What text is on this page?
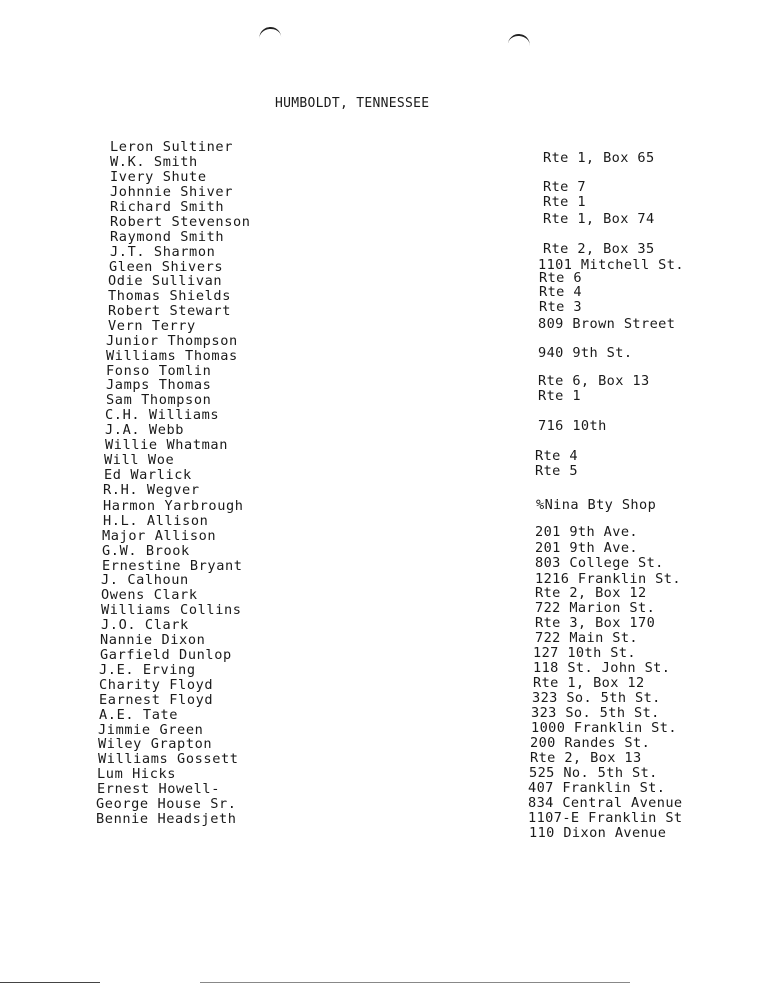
HUMBOLDT, TENNESSEE
Leron Sultiner
W.K. Smith
Ivery Shute
Johnnie Shiver
Richard Smith
Robert Stevenson
Raymond Smith
J.T. Sharmon
Gleen Shivers
Odie Sullivan
Thomas Shields
Robert Stewart
Vern Terry
Junior Thompson
Williams Thomas
Fonso Tomlin
Jamps Thomas
Sam Thompson
C.H. Williams
J.A. Webb
Willie Whatman
Will Woe
Ed Warlick
R.H. Wegver
Harmon Yarbrough
H.L. Allison
Major Allison
G.W. Brook
Ernestine Bryant
J. Calhoun
Owens Clark
Williams Collins
J.O. Clark
Nannie Dixon
Garfield Dunlop
J.E. Erving
Charity Floyd
Earnest Floyd
A.E. Tate
Jimmie Green
Wiley Grapton
Williams Gossett
Lum Hicks
Ernest Howell-
George House Sr.
Bennie Headsjeth
Rte 1, Box 65
Rte 7
Rte 1
Rte 1, Box 74
Rte 2, Box 35
1101 Mitchell St.
Rte 6
Rte 4
Rte 3
809 Brown Street
940 9th St.
Rte 6, Box 13
Rte 1
716 10th
Rte 4
Rte 5
%Nina Bty Shop
201 9th Ave.
201 9th Ave.
803 College St.
1216 Franklin St.
Rte 2, Box 12
722 Marion St.
Rte 3, Box 170
722 Main St.
127 10th St.
118 St. John St.
Rte 1, Box 12
323 So. 5th St.
323 So. 5th St.
1000 Franklin St.
200 Randes St.
Rte 2, Box 13
525 No. 5th St.
407 Franklin St.
834 Central Avenue
1107-E Franklin St
110 Dixon Avenue
